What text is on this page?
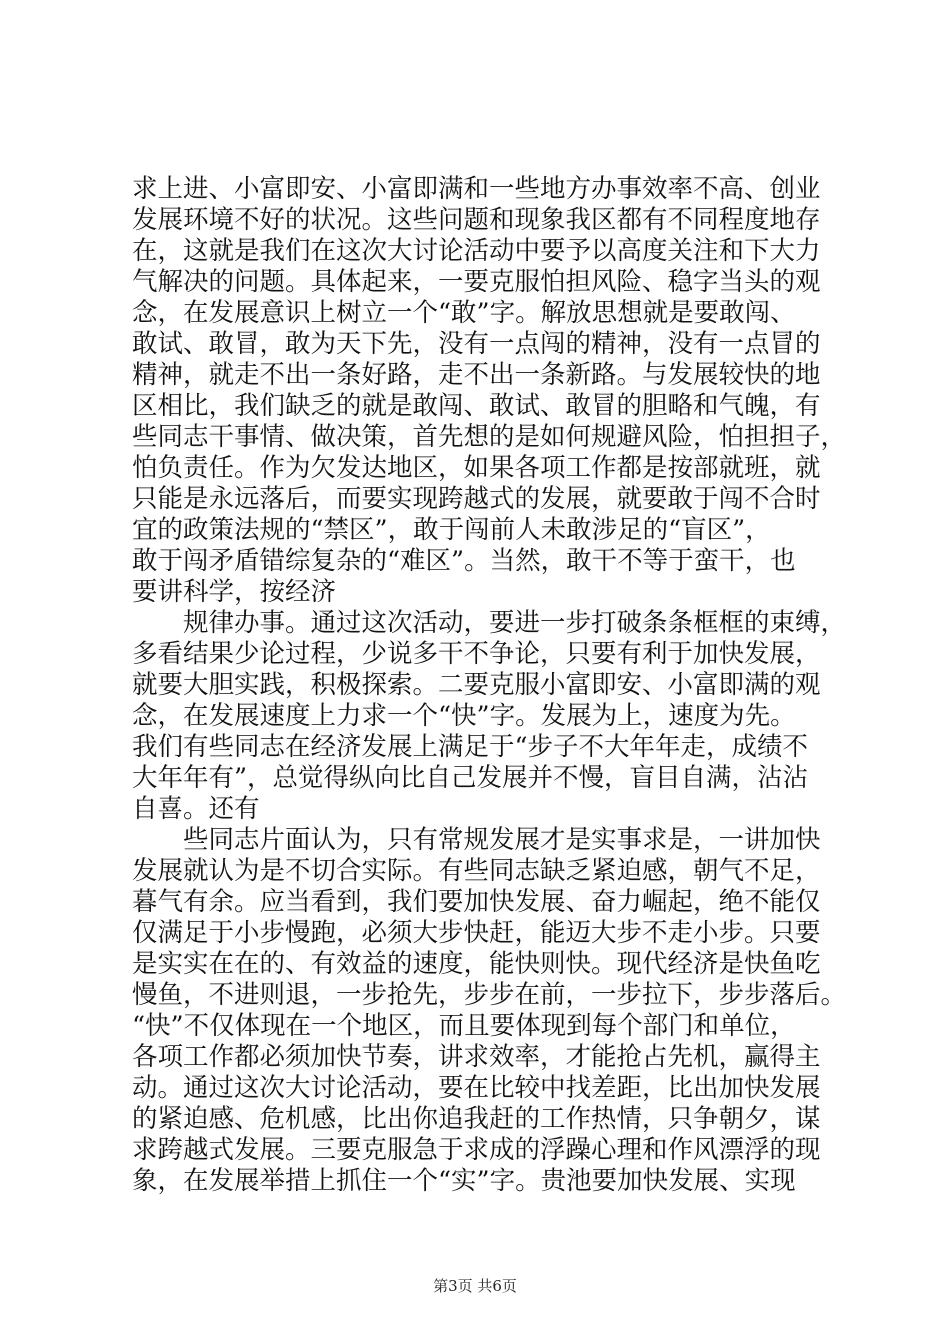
求上进、小富即安、小富即满和一些地方办事效率不高、创业
发展环境不好的状况。这些问题和现象我区都有不同程度地存
在，这就是我们在这次大讨论活动中要予以高度关注和下大力
气解决的问题。具体起来，一要克服怕担风险、稳字当头的观
念，在发展意识上树立一个“敢”字。解放思想就是要敢闯、
敢试、敢冒，敢为天下先，没有一点闯的精神，没有一点冒的
精神，就走不出一条好路，走不出一条新路。与发展较快的地
区相比，我们缺乏的就是敢闯、敢试、敢冒的胆略和气魄，有
些同志干事情、做决策，首先想的是如何规避风险，怕担担子，
怕负责任。作为欠发达地区，如果各项工作都是按部就班，就
只能是永远落后，而要实现跨越式的发展，就要敢于闯不合时
宜的政策法规的“禁区”，敢于闯前人未敢涉足的“盲区”，
敢于闯矛盾错综复杂的“难区”。当然，敢干不等于蛮干，也
要讲科学，按经济
规律办事。通过这次活动，要进一步打破条条框框的束缚，
多看结果少论过程，少说多干不争论，只要有利于加快发展，
就要大胆实践，积极探索。二要克服小富即安、小富即满的观
念，在发展速度上力求一个“快”字。发展为上，速度为先。
我们有些同志在经济发展上满足于“步子不大年年走，成绩不
大年年有”，总觉得纵向比自己发展并不慢，盲目自满，沾沾
自喜。还有
些同志片面认为，只有常规发展才是实事求是，一讲加快
发展就认为是不切合实际。有些同志缺乏紧迫感，朝气不足，
暮气有余。应当看到，我们要加快发展、奋力崛起，绝不能仅
仅满足于小步慢跑，必须大步快赶，能迈大步不走小步。只要
是实实在在的、有效益的速度，能快则快。现代经济是快鱼吃
慢鱼，不进则退，一步抢先，步步在前，一步拉下，步步落后。
“快”不仅体现在一个地区，而且要体现到每个部门和单位，
各项工作都必须加快节奏，讲求效率，才能抢占先机，赢得主
动。通过这次大讨论活动，要在比较中找差距，比出加快发展
的紧迫感、危机感，比出你追我赶的工作热情，只争朝夕，谋
求跨越式发展。三要克服急于求成的浮躁心理和作风漂浮的现
象，在发展举措上抓住一个“实”字。贵池要加快发展、实现
第3页 共6页
